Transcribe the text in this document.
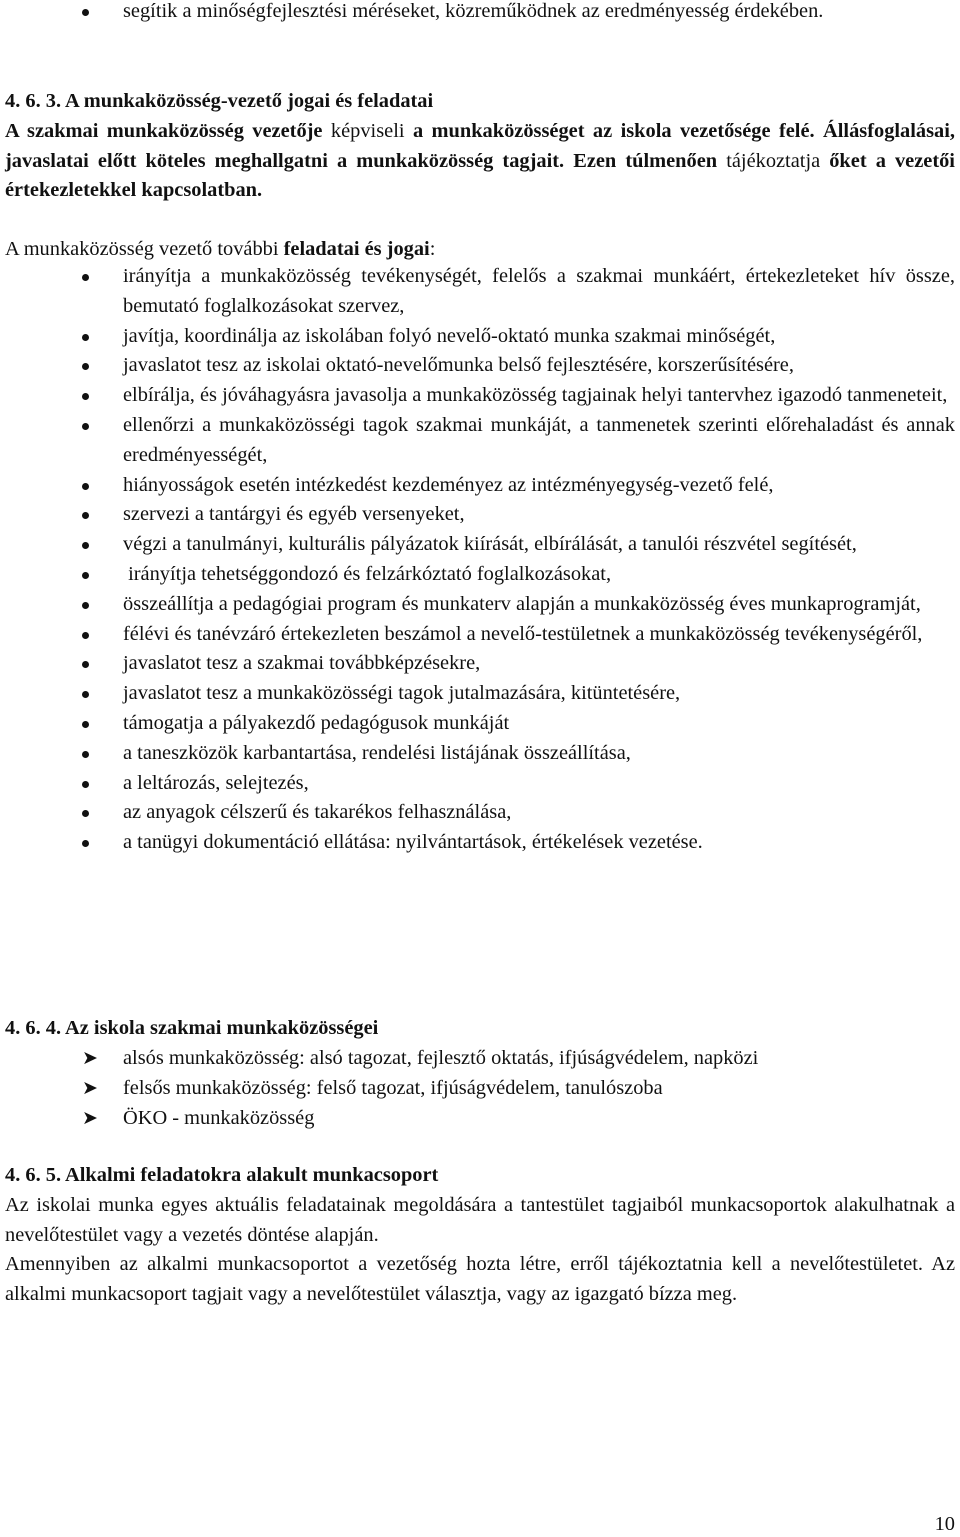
segítik a minőségfejlesztési méréseket, közreműködnek az eredményesség érdekében.
4. 6. 3. A munkaközösség-vezető jogai és feladatai
A szakmai munkaközösség vezetője képviseli a munkaközösséget az iskola vezetősége felé. Állásfoglalásai, javaslatai előtt köteles meghallgatni a munkaközösség tagjait. Ezen túlmenően tájékoztatja őket a vezetői értekezletekkel kapcsolatban.
A munkaközösség vezető további feladatai és jogai:
irányítja a munkaközösség tevékenységét, felelős a szakmai munkáért, értekezleteket hív össze, bemutató foglalkozásokat szervez,
javítja, koordinálja az iskolában folyó nevelő-oktató munka szakmai minőségét,
javaslatot tesz az iskolai oktató-nevelőmunka belső fejlesztésére, korszerűsítésére,
elbírálja, és jóváhagyásra javasolja a munkaközösség tagjainak helyi tantervhez igazodó tanmeneteit,
ellenőrzi a munkaközösségi tagok szakmai munkáját, a tanmenetek szerinti előrehaladást és annak eredményességét,
hiányosságok esetén intézkedést kezdeményez az intézményegység-vezető felé,
szervezi a tantárgyi és egyéb versenyeket,
végzi a tanulmányi, kulturális pályázatok kiírását, elbírálását, a tanulói részvétel segítését,
irányítja tehetséggondozó és felzárkóztató foglalkozásokat,
összeállítja a pedagógiai program és munkaterv alapján a munkaközösség éves munkaprogramját,
félévi és tanévzáró értekezleten beszámol a nevelő-testületnek a munkaközösség tevékenységéről,
javaslatot tesz a szakmai továbbképzésekre,
javaslatot tesz a munkaközösségi tagok jutalmazására, kitüntetésére,
támogatja a pályakezdő pedagógusok munkáját
a taneszközök karbantartása, rendelési listájának összeállítása,
a leltározás, selejtezés,
az anyagok célszerű és takarékos felhasználása,
a tanügyi dokumentáció ellátása: nyilvántartások, értékelések vezetése.
4. 6. 4. Az iskola szakmai munkaközösségei
➤ alsós munkaközösség: alsó tagozat, fejlesztő oktatás, ifjúságvédelem, napközi
➤ felsős munkaközösség: felső tagozat, ifjúságvédelem, tanulószoba
➤ ÖKO - munkaközösség
4. 6. 5. Alkalmi feladatokra alakult munkacsoport
Az iskolai munka egyes aktuális feladatainak megoldására a tantestület tagjaiból munkacsoportok alakulhatnak a nevelőtestület vagy a vezetés döntése alapján.
Amennyiben az alkalmi munkacsoportot a vezetőség hozta létre, erről tájékoztatnia kell a nevelőtestületet. Az alkalmi munkacsoport tagjait vagy a nevelőtestület választja, vagy az igazgató bízza meg.
10
